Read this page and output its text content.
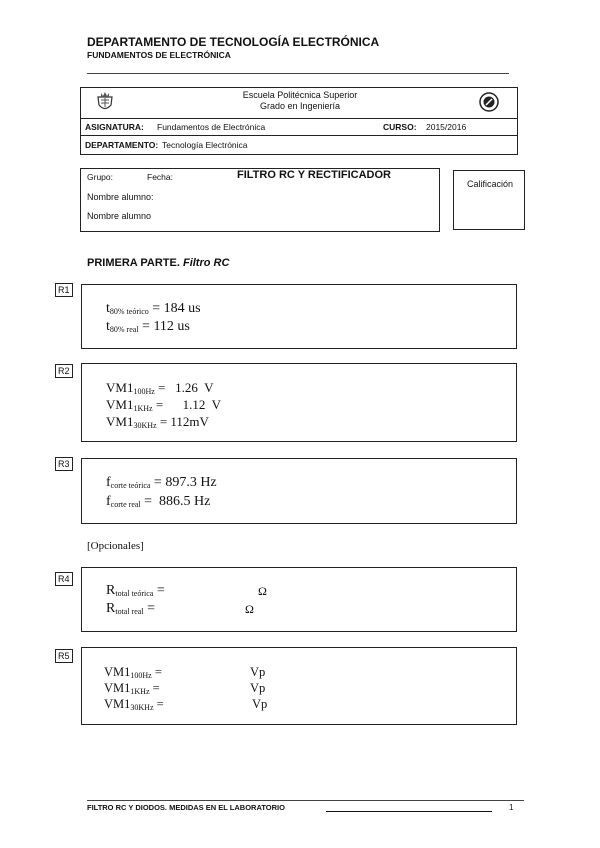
DEPARTAMENTO DE TECNOLOGÍA ELECTRÓNICA
FUNDAMENTOS DE ELECTRÓNICA
Escuela Politécnica Superior
Grado en Ingeniería
ASIGNATURA: Fundamentos de Electrónica	CURSO: 2015/2016
DEPARTAMENTO: Tecnología Electrónica
Grupo:	Fecha:	FILTRO RC Y RECTIFICADOR
Nombre alumno:
Nombre alumno
Calificación
PRIMERA PARTE. Filtro RC
R1
$t_{80\% teórico} = 184$ us
$t_{80\% real} = 112$ us
R2

$VM1_{100Hz} = 1.26$  V

$VM1_{1KHz}$ =      1.12  V

$VM1_{30KHz} = 112mV$

R3

$f_{corte teórica} = 897.3$ Hz

$f_{corte real} = 886.5$ Hz

[Opcionales]
R4
$R_{total teórica}$ =	Ω
$R_{total real}$ =	Ω
R5
$VM1_{100Hz}$ =	Vp
$VM1_{1KHz}$ =	Vp
$VM1_{30KHz}$ =	Vp
FILTRO RC Y DIODOS. MEDIDAS EN EL LABORATORIO	1
